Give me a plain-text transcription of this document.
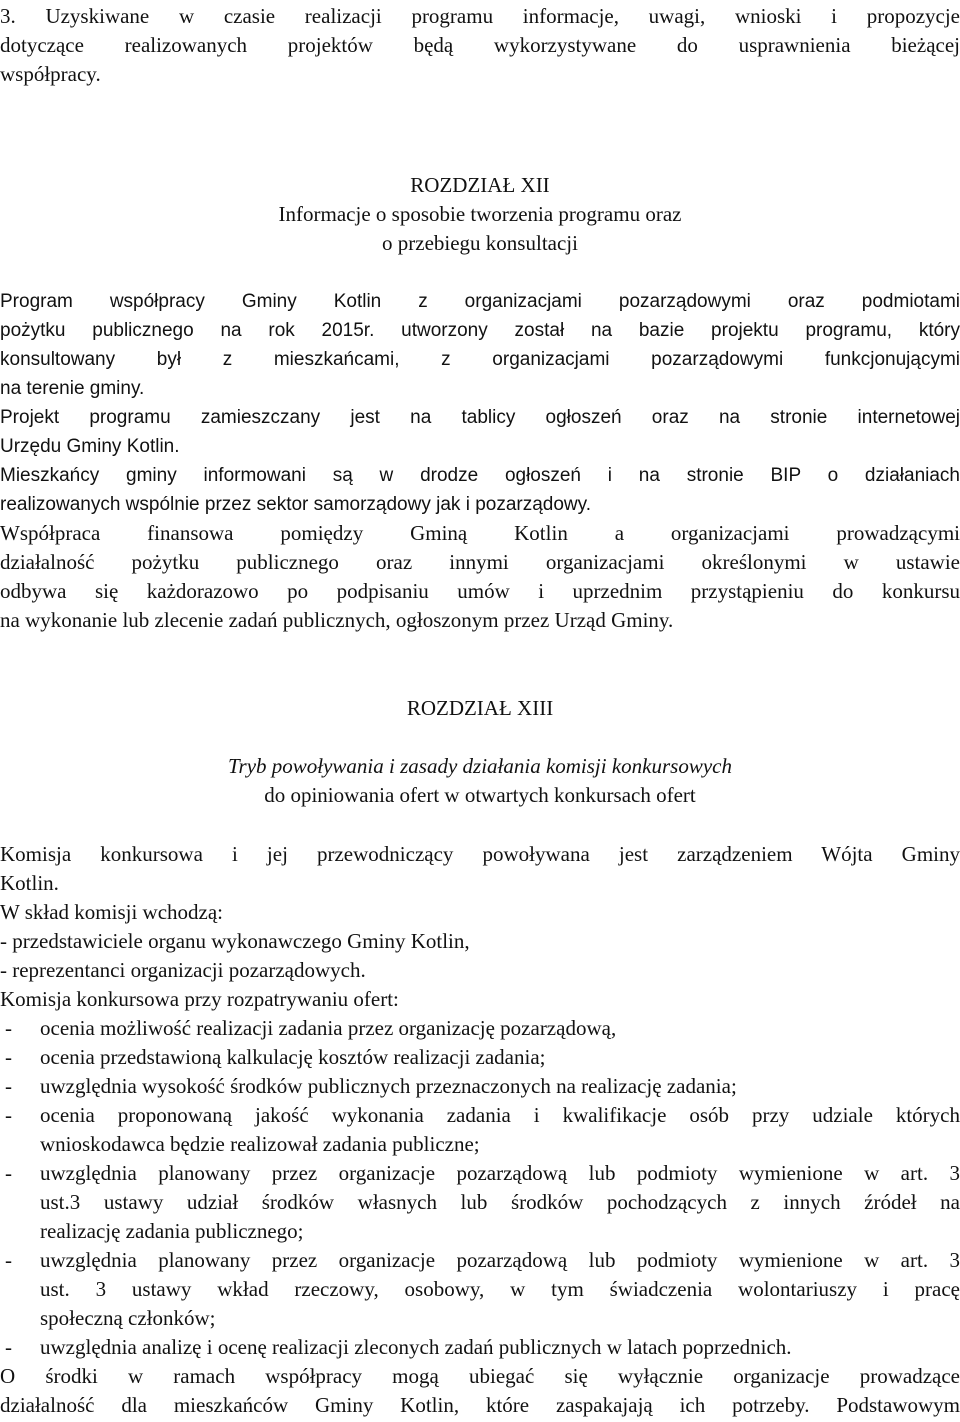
3. Uzyskiwane w czasie realizacji programu informacje, uwagi, wnioski i propozycje
dotyczące realizowanych projektów będą wykorzystywane do usprawnienia bieżącej
współpracy.
ROZDZIAŁ XII
Informacje o sposobie tworzenia programu oraz
o przebiegu konsultacji
Program współpracy Gminy Kotlin z organizacjami pozarządowymi oraz podmiotami
pożytku publicznego na rok 2015r. utworzony został na bazie projektu programu, który
konsultowany był z mieszkańcami, z organizacjami pozarządowymi funkcjonującymi
na terenie gminy.
Projekt programu zamieszczany jest na tablicy ogłoszeń oraz na stronie internetowej
Urzędu Gminy Kotlin.
Mieszkańcy gminy informowani są w drodze ogłoszeń i na stronie BIP o działaniach
realizowanych wspólnie przez sektor samorządowy jak i pozarządowy.
Współpraca finansowa pomiędzy Gminą Kotlin a organizacjami prowadzącymi
działalność pożytku publicznego oraz innymi organizacjami określonymi w ustawie
odbywa się każdorazowo po podpisaniu umów i uprzednim przystąpieniu do konkursu
na wykonanie lub zlecenie zadań publicznych, ogłoszonym przez Urząd Gminy.
ROZDZIAŁ XIII
Tryb powoływania i zasady działania komisji konkursowych
do opiniowania ofert w otwartych konkursach ofert
Komisja konkursowa i jej przewodniczący powoływana jest zarządzeniem Wójta Gminy
Kotlin.
W skład komisji wchodzą:
- przedstawiciele organu wykonawczego Gminy Kotlin,
- reprezentanci organizacji pozarządowych.
Komisja konkursowa przy rozpatrywaniu ofert:
- ocenia możliwość realizacji zadania przez organizację pozarządową,
- ocenia przedstawioną kalkulację kosztów realizacji zadania;
- uwzględnia wysokość środków publicznych przeznaczonych na realizację zadania;
- ocenia proponowaną jakość wykonania zadania i kwalifikacje osób przy udziale których
wnioskodawca będzie realizował zadania publiczne;
- uwzględnia planowany przez organizacje pozarządową lub podmioty wymienione w art. 3
ust.3 ustawy udział środków własnych lub środków pochodzących z innych źródeł na
realizację zadania publicznego;
- uwzględnia planowany przez organizacje pozarządową lub podmioty wymienione w art. 3
ust. 3 ustawy wkład rzeczowy, osobowy, w tym świadczenia wolontariuszy i pracę
społeczną członków;
- uwzględnia analizę i ocenę realizacji zleconych zadań publicznych w latach poprzednich.
O środki w ramach współpracy mogą ubiegać się wyłącznie organizacje prowadzące
działalność dla mieszkańców Gminy Kotlin, które zaspakajają ich potrzeby. Podstawowym
